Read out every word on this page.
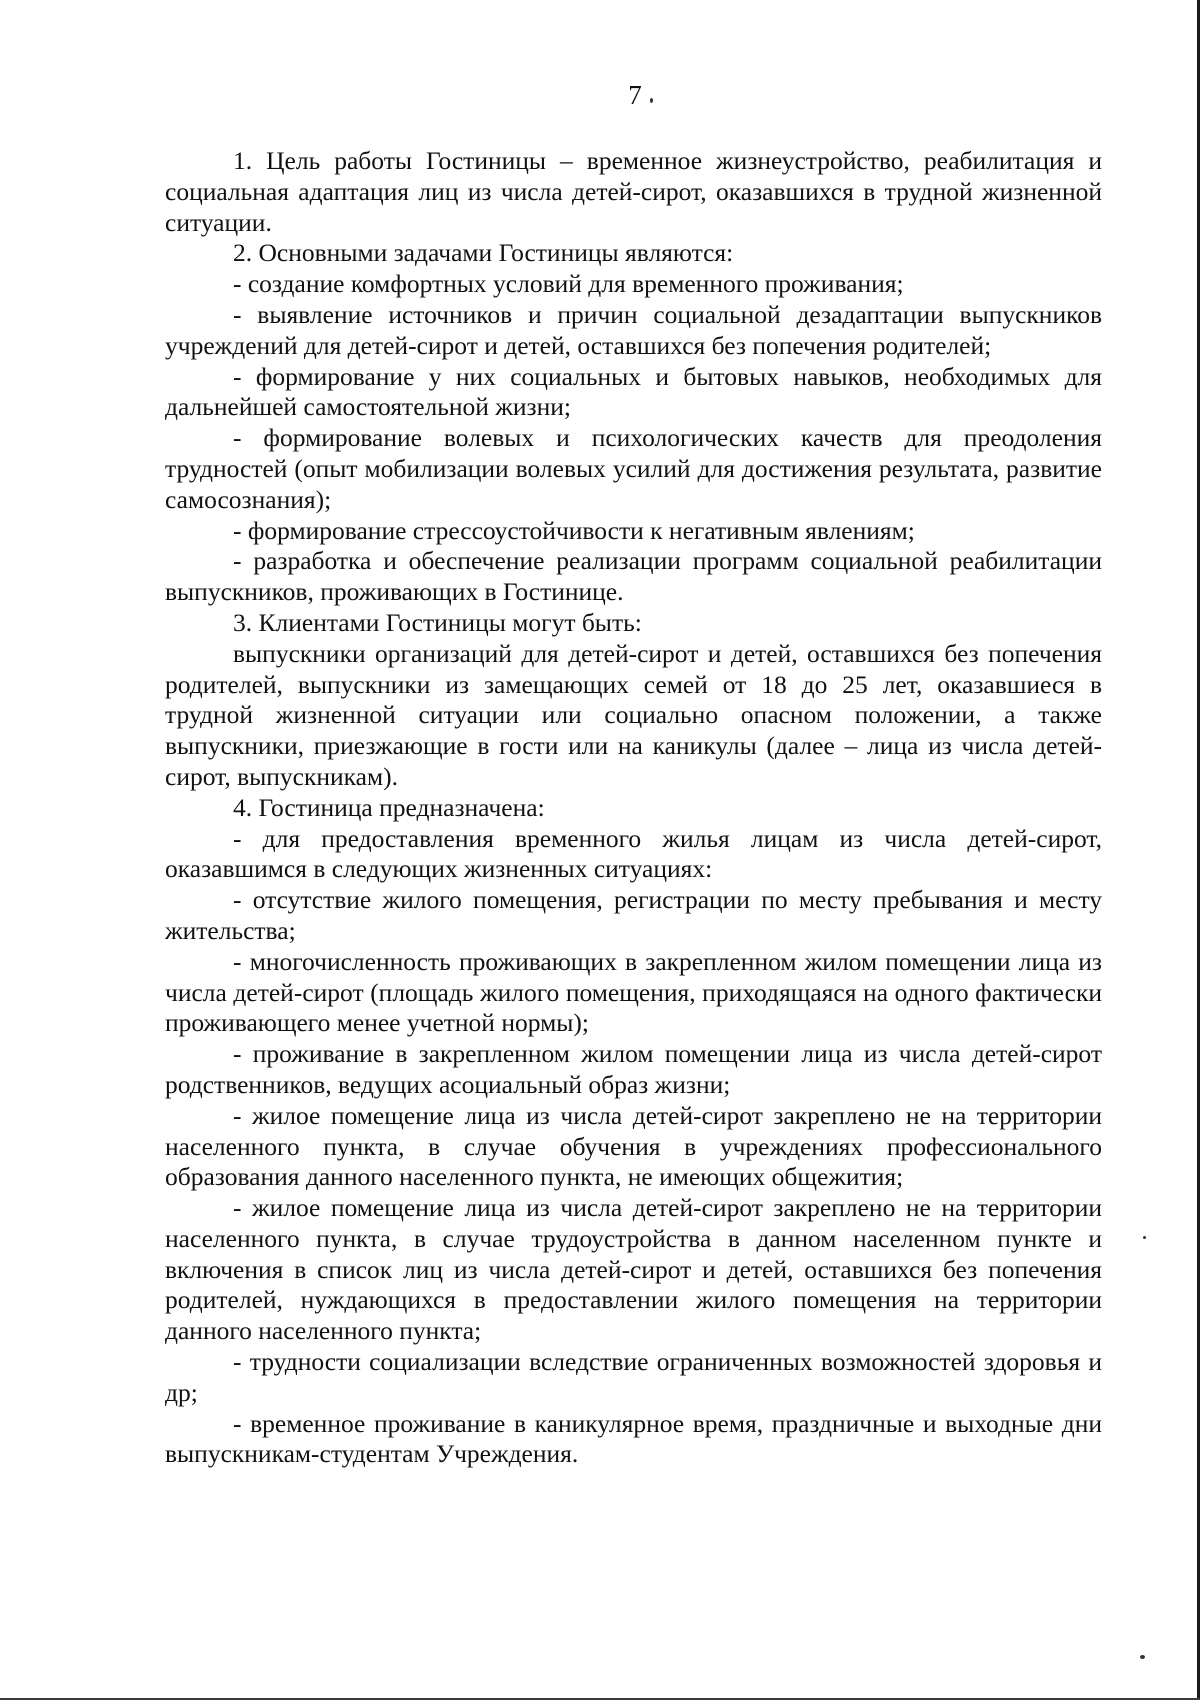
7

1. Цель работы Гостиницы – временное жизнеустройство, реабилитация и социальная адаптация лиц из числа детей-сирот, оказавшихся в трудной жизненной ситуации.

2. Основными задачами Гостиницы являются:

- создание комфортных условий для временного проживания;

- выявление источников и причин социальной дезадаптации выпускников учреждений для детей-сирот и детей, оставшихся без попечения родителей;

- формирование у них социальных и бытовых навыков, необходимых для дальнейшей самостоятельной жизни;

- формирование волевых и психологических качеств для преодоления трудностей (опыт мобилизации волевых усилий для достижения результата, развитие самосознания);

- формирование стрессоустойчивости к негативным явлениям;

- разработка и обеспечение реализации программ социальной реабилитации выпускников, проживающих в Гостинице.

3. Клиентами Гостиницы могут быть:

выпускники организаций для детей-сирот и детей, оставшихся без попечения родителей, выпускники из замещающих семей от 18 до 25 лет, оказавшиеся в трудной жизненной ситуации или социально опасном положении, а также выпускники, приезжающие в гости или на каникулы (далее – лица из числа детей-сирот, выпускникам).

4. Гостиница предназначена:

- для предоставления временного жилья лицам из числа детей-сирот, оказавшимся в следующих жизненных ситуациях:

- отсутствие жилого помещения, регистрации по месту пребывания и месту жительства;

- многочисленность проживающих в закрепленном жилом помещении лица из числа детей-сирот (площадь жилого помещения, приходящаяся на одного фактически проживающего менее учетной нормы);

- проживание в закрепленном жилом помещении лица из числа детей-сирот родственников, ведущих асоциальный образ жизни;

- жилое помещение лица из числа детей-сирот закреплено не на территории населенного пункта, в случае обучения в учреждениях профессионального образования данного населенного пункта, не имеющих общежития;

- жилое помещение лица из числа детей-сирот закреплено не на территории населенного пункта, в случае трудоустройства в данном населенном пункте и включения в список лиц из числа детей-сирот и детей, оставшихся без попечения родителей, нуждающихся в предоставлении жилого помещения на территории данного населенного пункта;

- трудности социализации вследствие ограниченных возможностей здоровья и др;

- временное проживание в каникулярное время, праздничные и выходные дни выпускникам-студентам Учреждения.
